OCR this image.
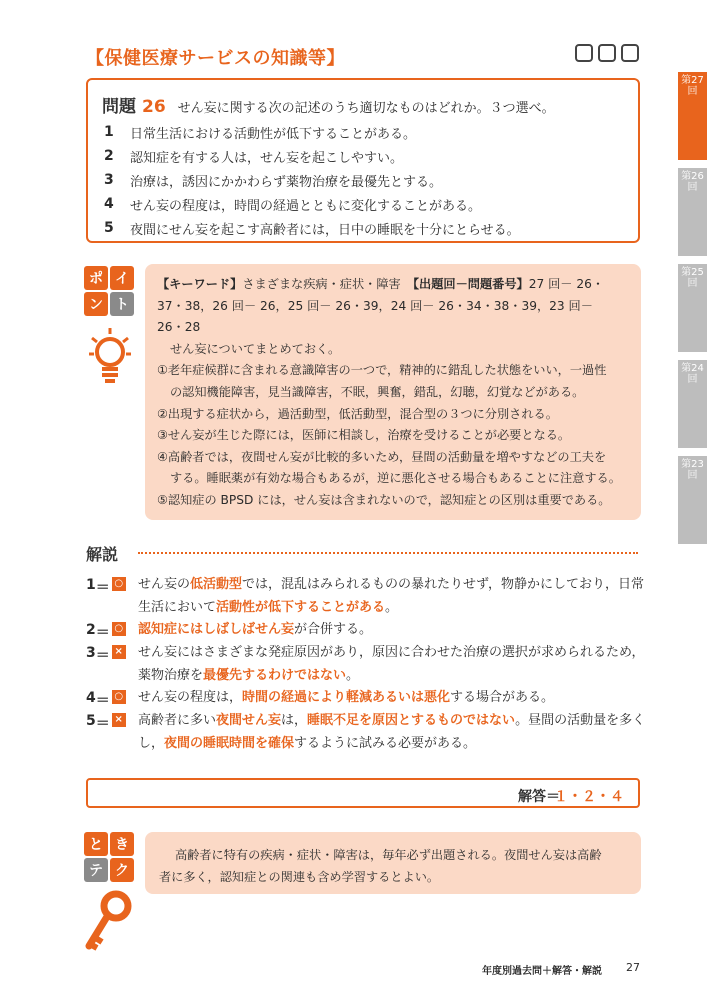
【保健医療サービスの知識等】
第27回
第26回
第25回
第24回
第23回
問題 26 せん妄に関する次の記述のうち適切なものはどれか。３つ選べ。
1	日常生活における活動性が低下することがある。
2	認知症を有する人は，せん妄を起こしやすい。
3	治療は，誘因にかかわらず薬物治療を最優先とする。
4	せん妄の程度は，時間の経過とともに変化することがある。
5	夜間にせん妄を起こす高齢者には，日中の睡眠を十分にとらせる。
ポ イ
ン ト
【キーワード】さまざまな疾病・症状・障害　 【出題回－問題番号】27 回－ 26・
37・38，26 回－ 26，25 回－ 26・39，24 回－ 26・34・38・39，23 回－
26・28
せん妄についてまとめておく。
①老年症候群に含まれる意識障害の一つで，精神的に錯乱した状態をいい，一過性
の認知機能障害，見当識障害，不眠，興奮，錯乱，幻聴，幻覚などがある。
②出現する症状から，過活動型，低活動型，混合型の３つに分別される。
③せん妄が生じた際には，医師に相談し，治療を受けることが必要となる。
④高齢者では，夜間せん妄が比較的多いため，昼間の活動量を増やすなどの工夫を
する。睡眠薬が有効な場合もあるが，逆に悪化させる場合もあることに注意する。
⑤認知症の BPSD には，せん妄は含まれないので，認知症との区別は重要である。
解説
1 ＝ ○ せん妄の低活動型では，混乱はみられるものの暴れたりせず，物静かにしており，日常生活において活動性が低下することがある。
2 ＝ ○ 認知症にはしばしばせん妄が合併する。
3 ＝ × せん妄にはさまざまな発症原因があり，原因に合わせた治療の選択が求められるため，薬物治療を最優先するわけではない。
4 ＝ ○ せん妄の程度は，時間の経過により軽減あるいは悪化する場合がある。
5 ＝ × 高齢者に多い夜間せん妄は，睡眠不足を原因とするものではない。昼間の活動量を多くし，夜間の睡眠時間を確保するように試みる必要がある。
解答＝
１・２・４
と き
テ ク
高齢者に特有の疾病・症状・障害は，毎年必ず出題される。夜間せん妄は高齢
者に多く，認知症との関連も含め学習するとよい。
年度別過去問＋解答・解説 27
